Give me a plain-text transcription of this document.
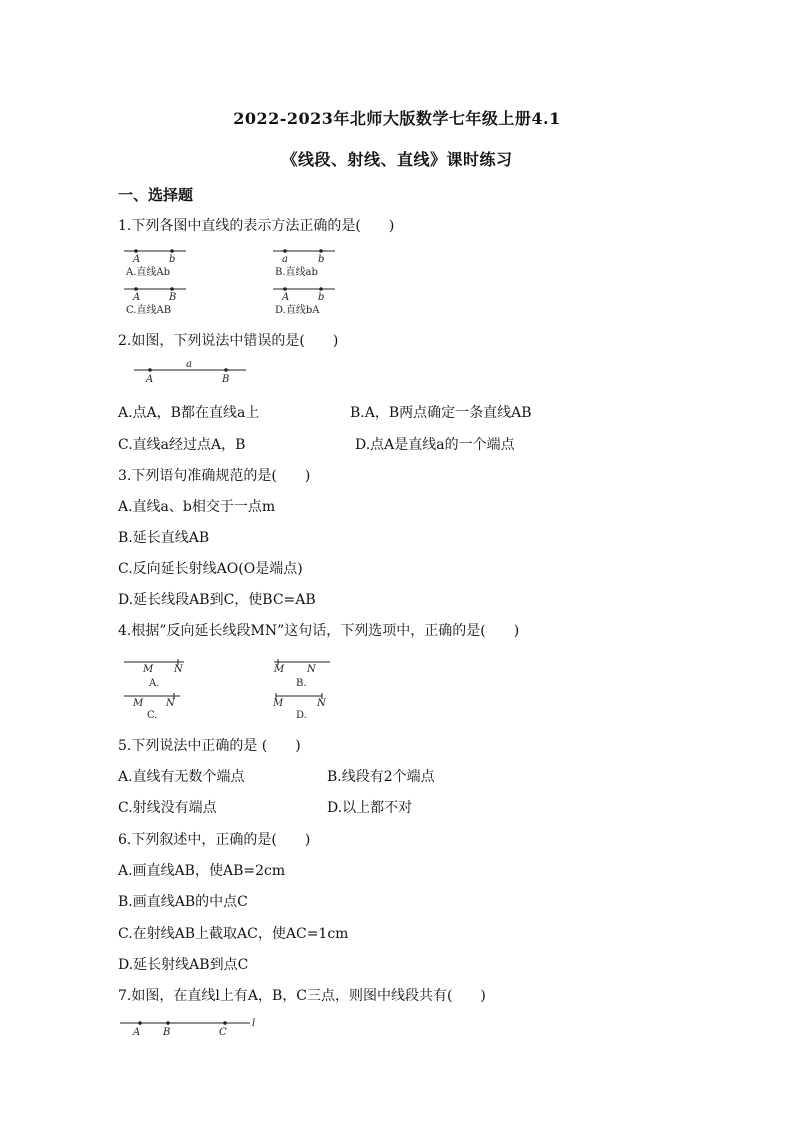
2022-2023年北师大版数学七年级上册4.1
《线段、射线、直线》课时练习
一、选择题
1.下列各图中直线的表示方法正确的是(　　)
A	b
A.直线Ab
a	b
B.直线ab
A	B
C.直线AB
A	b
D.直线bA
2.如图，下列说法中错误的是(　　)
a
A	B
A.点A，B都在直线a上	B.A，B两点确定一条直线AB
C.直线a经过点A，B	D.点A是直线a的一个端点
3.下列语句准确规范的是(　　)
A.直线a、b相交于一点m
B.延长直线AB
C.反向延长射线AO(O是端点)
D.延长线段AB到C，使BC=AB
4.根据”反向延长线段MN”这句话，下列选项中，正确的是(　　)
M N
A.
M N
B.
M N
C.
M	N
D.
5.下列说法中正确的是 (　　)
A.直线有无数个端点	B.线段有2个端点
C.射线没有端点	D.以上都不对
6.下列叙述中，正确的是(　　)
A.画直线AB，使AB=2cm
B.画直线AB的中点C
C.在射线AB上截取AC，使AC=1cm
D.延长射线AB到点C
7.如图，在直线l上有A，B，C三点，则图中线段共有(　　)
A B	C
l
